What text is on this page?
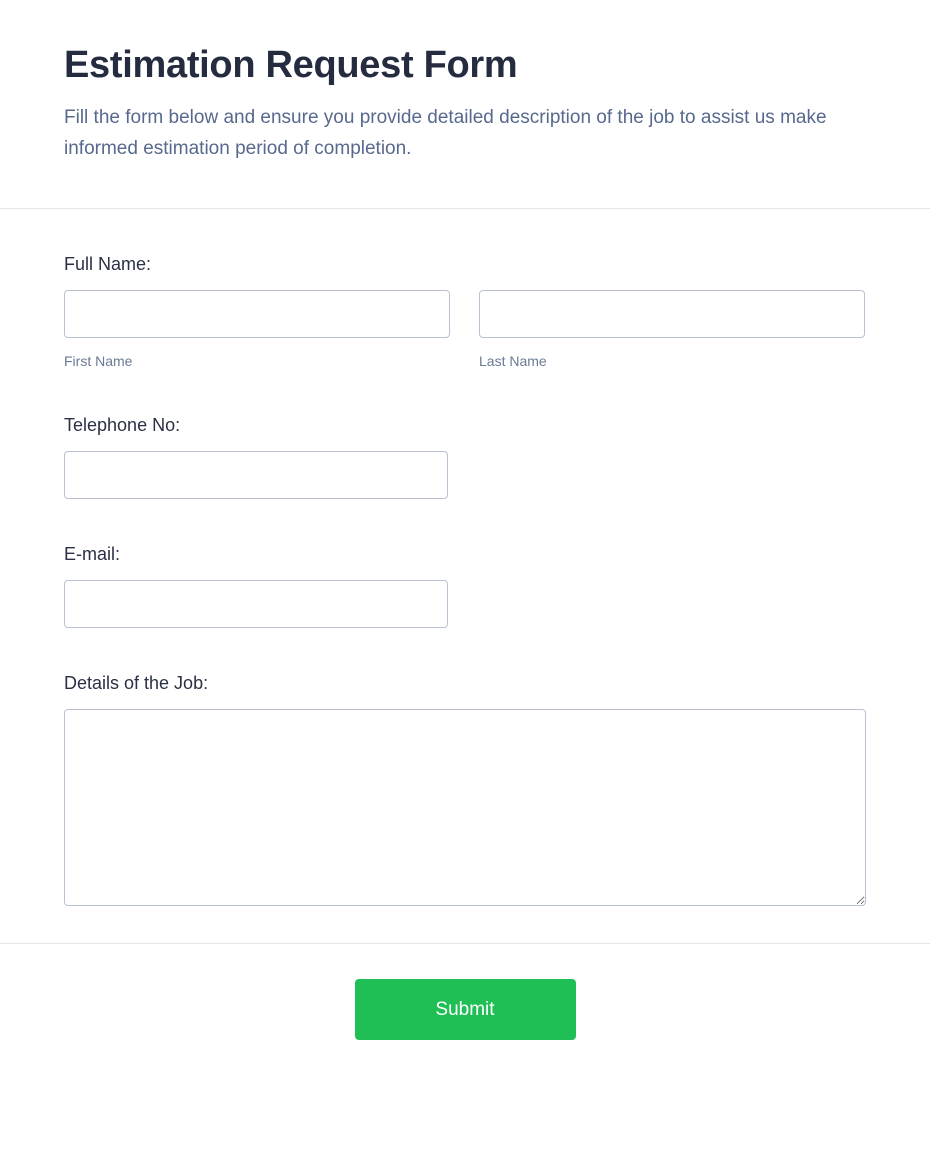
Estimation Request Form

Fill the form below and ensure you provide detailed description of the job to assist us make informed estimation period of completion.

Full Name:
First Name	Last Name
Telephone No:
E-mail:
Details of the Job:
Submit
